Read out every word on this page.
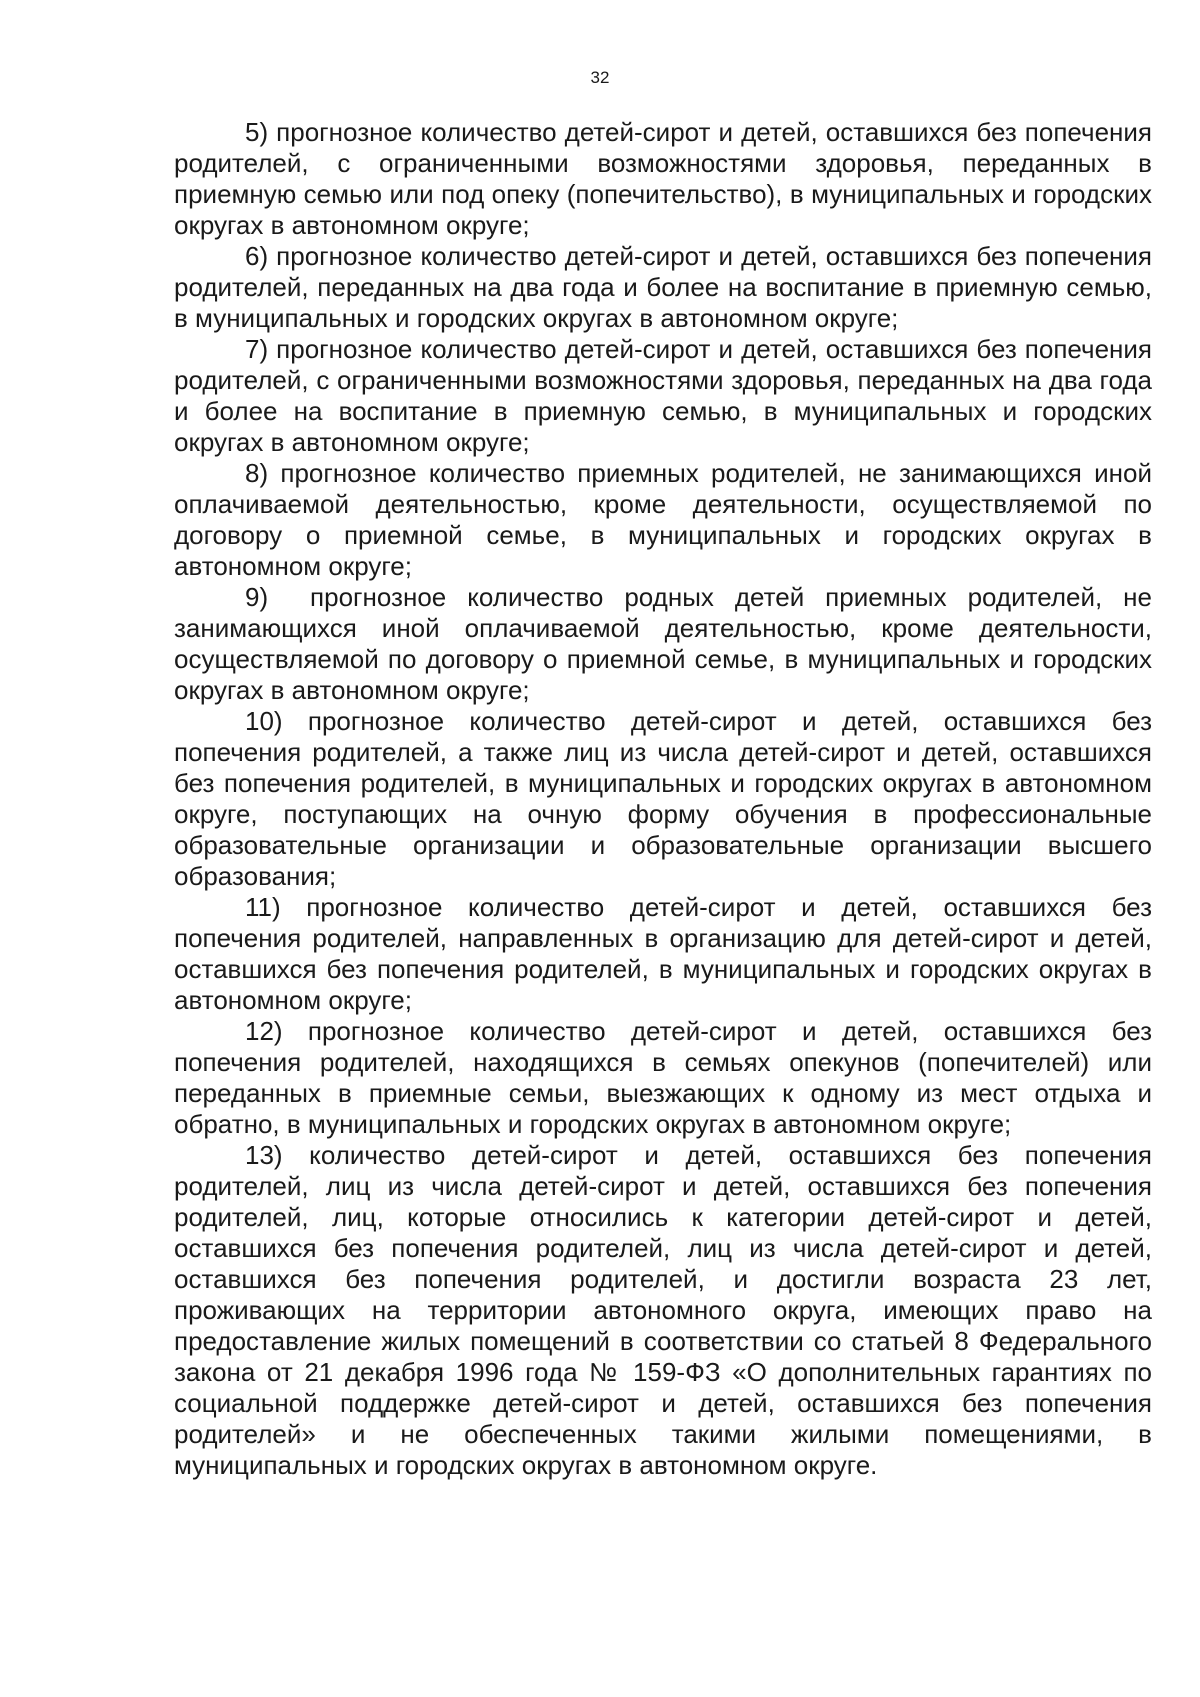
32

5) прогнозное количество детей-сирот и детей, оставшихся без попечения родителей, с ограниченными возможностями здоровья, переданных в приемную семью или под опеку (попечительство), в муниципальных и городских округах в автономном округе;

6) прогнозное количество детей-сирот и детей, оставшихся без попечения родителей, переданных на два года и более на воспитание в приемную семью, в муниципальных и городских округах в автономном округе;

7) прогнозное количество детей-сирот и детей, оставшихся без попечения родителей, с ограниченными возможностями здоровья, переданных на два года и более на воспитание в приемную семью, в муниципальных и городских округах в автономном округе;

8) прогнозное количество приемных родителей, не занимающихся иной оплачиваемой деятельностью, кроме деятельности, осуществляемой по договору о приемной семье, в муниципальных и городских округах в автономном округе;

9)  прогнозное количество родных детей приемных родителей, не занимающихся иной оплачиваемой деятельностью, кроме деятельности, осуществляемой по договору о приемной семье, в муниципальных и городских округах в автономном округе;

10) прогнозное количество детей-сирот и детей, оставшихся без попечения родителей, а также лиц из числа детей-сирот и детей, оставшихся без попечения родителей, в муниципальных и городских округах в автономном округе, поступающих на очную форму обучения в профессиональные образовательные организации и образовательные организации высшего образования;

11) прогнозное количество детей-сирот и детей, оставшихся без попечения родителей, направленных в организацию для детей-сирот и детей, оставшихся без попечения родителей, в муниципальных и городских округах в автономном округе;

12) прогнозное количество детей-сирот и детей, оставшихся без попечения родителей, находящихся в семьях опекунов (попечителей) или переданных в приемные семьи, выезжающих к одному из мест отдыха и обратно, в муниципальных и городских округах в автономном округе;

13) количество детей-сирот и детей, оставшихся без попечения родителей, лиц из числа детей-сирот и детей, оставшихся без попечения родителей, лиц, которые относились к категории детей-сирот и детей, оставшихся без попечения родителей, лиц из числа детей-сирот и детей, оставшихся без попечения родителей, и достигли возраста 23 лет, проживающих на территории автономного округа, имеющих право на предоставление жилых помещений в соответствии со статьей 8 Федерального закона от 21 декабря 1996 года № 159-ФЗ «О дополнительных гарантиях по социальной поддержке детей-сирот и детей, оставшихся без попечения родителей» и не обеспеченных такими жилыми помещениями, в муниципальных и городских округах в автономном округе.
